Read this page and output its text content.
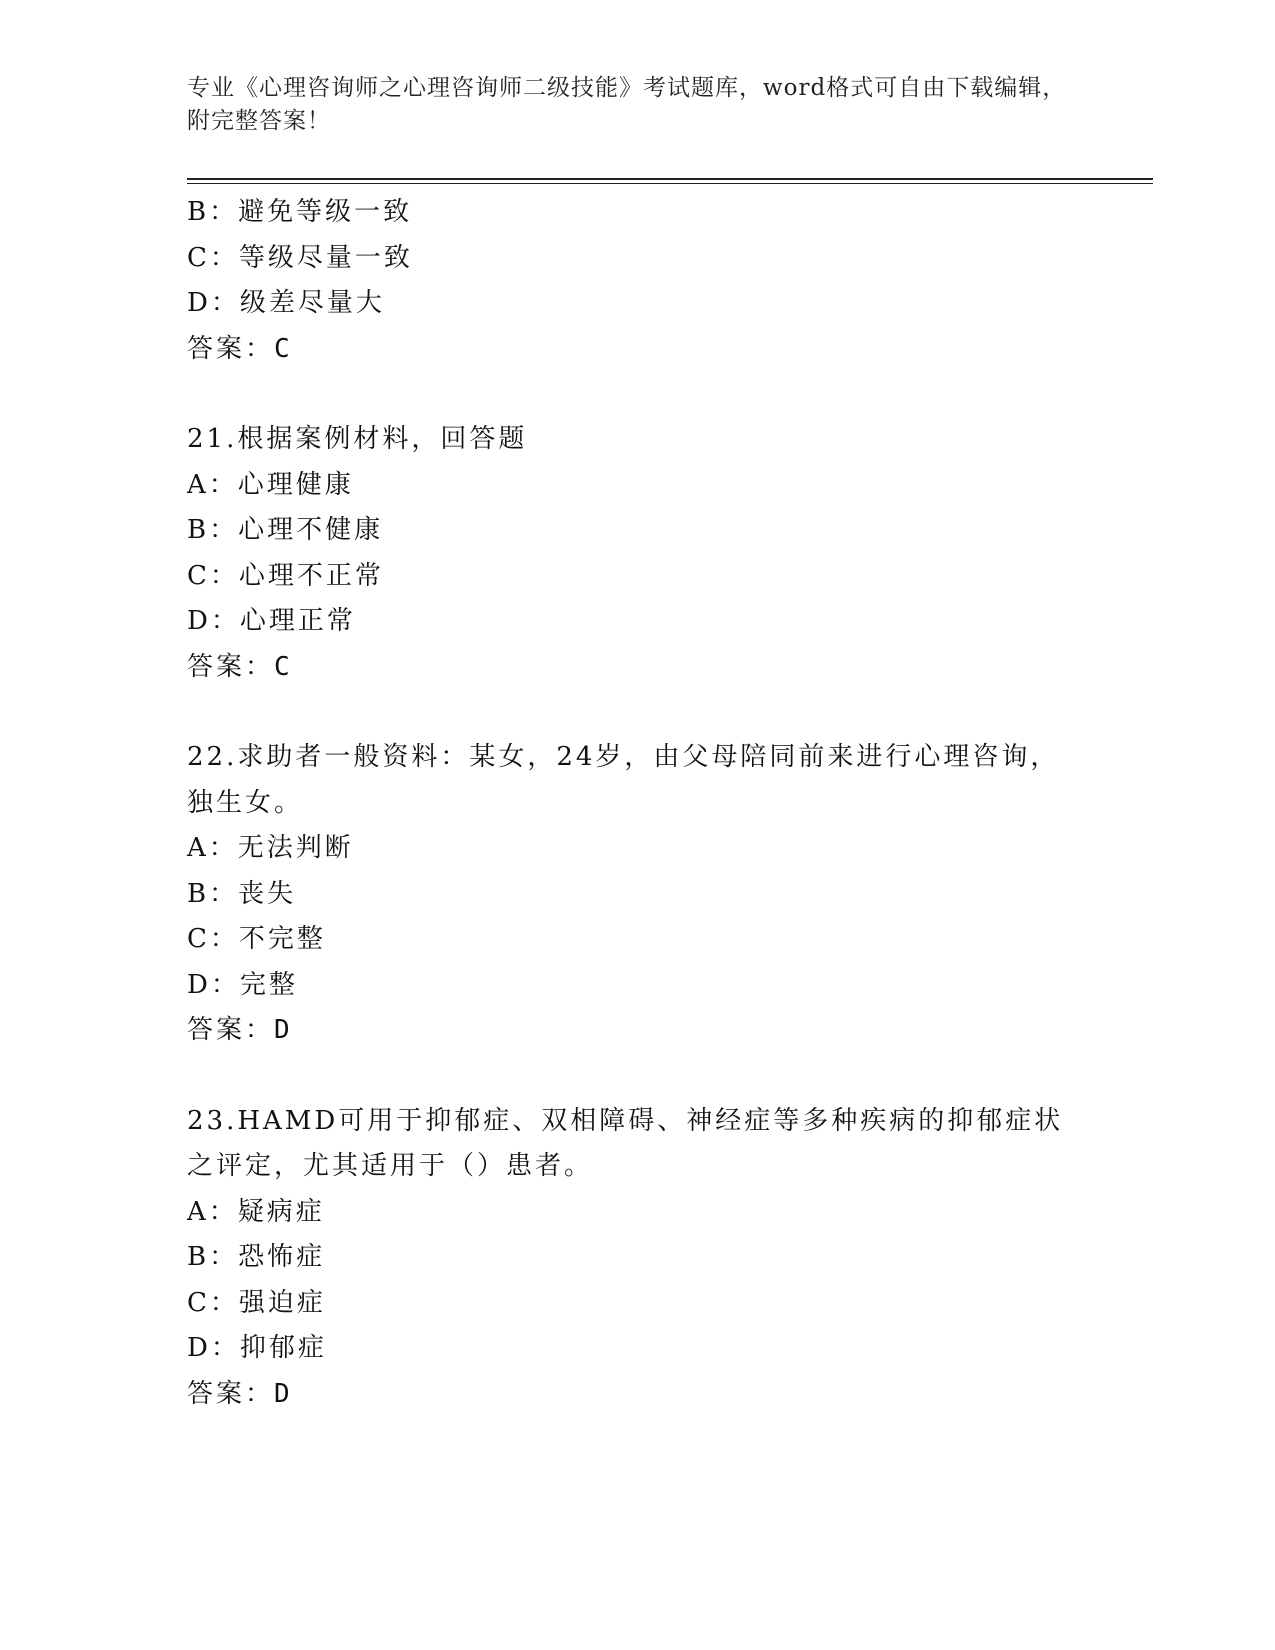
专业《心理咨询师之心理咨询师二级技能》考试题库，word格式可自由下载编辑，附完整答案！
B：避免等级一致
C：等级尽量一致
D：级差尽量大
答案：C
21.根据案例材料，回答题
A：心理健康
B：心理不健康
C：心理不正常
D：心理正常
答案：C
22.求助者一般资料：某女，24岁，由父母陪同前来进行心理咨询，独生女。
A：无法判断
B：丧失
C：不完整
D：完整
答案：D
23.HAMD可用于抑郁症、双相障碍、神经症等多种疾病的抑郁症状之评定，尤其适用于（）患者。
A：疑病症
B：恐怖症
C：强迫症
D：抑郁症
答案：D
